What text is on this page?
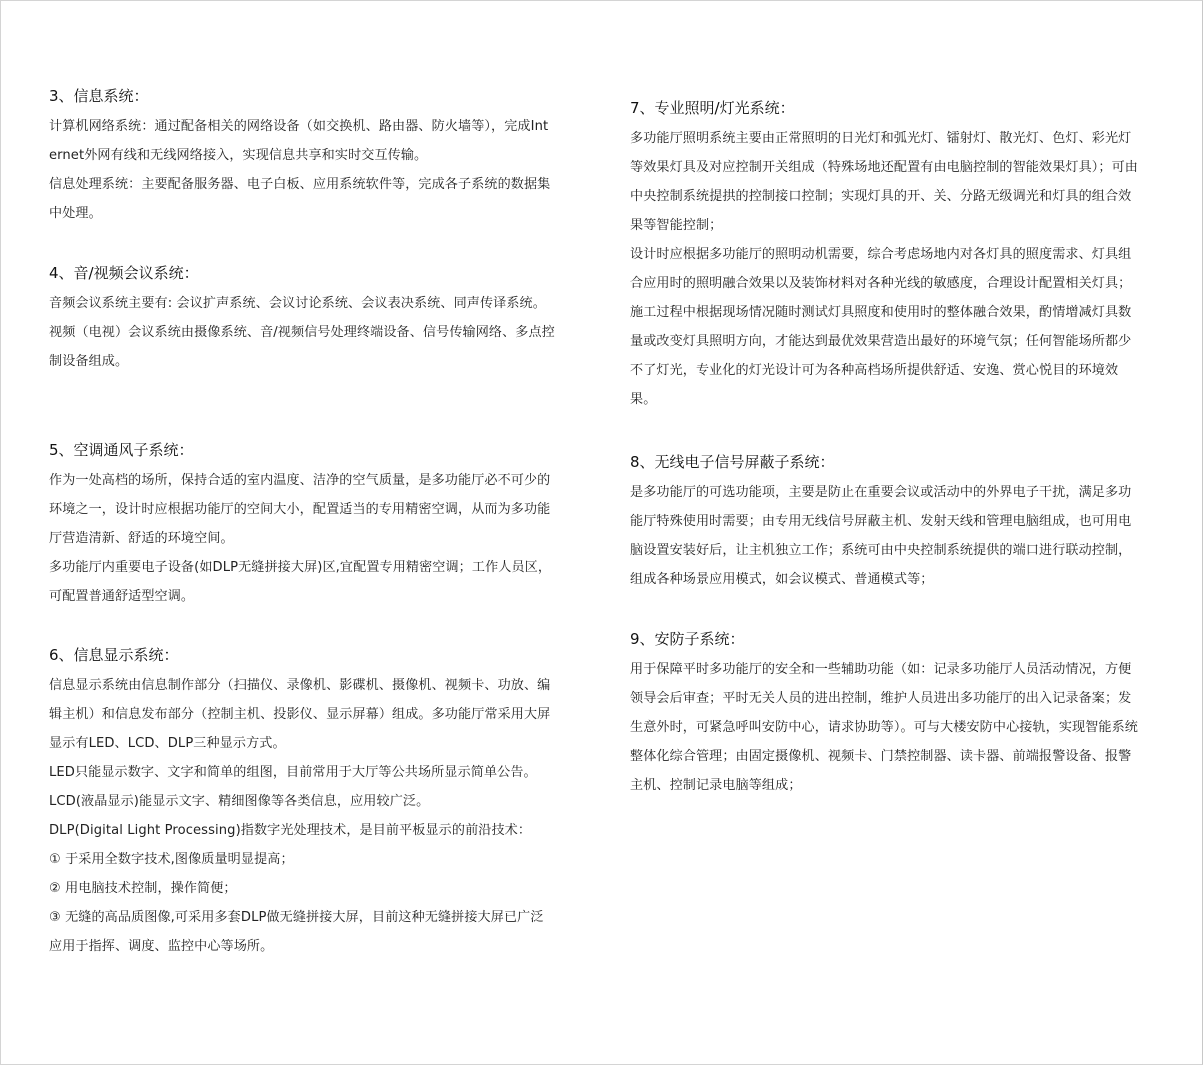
3、信息系统：

计算机网络系统：通过配备相关的网络设备（如交换机、路由器、防火墙等），完成Internet外网有线和无线网络接入，实现信息共享和实时交互传输。

信息处理系统：主要配备服务器、电子白板、应用系统软件等，完成各子系统的数据集中处理。

4、音/视频会议系统：

音频会议系统主要有: 会议扩声系统、会议讨论系统、会议表决系统、同声传译系统。

视频（电视）会议系统由摄像系统、音/视频信号处理终端设备、信号传输网络、多点控制设备组成。

5、空调通风子系统：

作为一处高档的场所，保持合适的室内温度、洁净的空气质量，是多功能厅必不可少的环境之一，设计时应根据功能厅的空间大小，配置适当的专用精密空调，从而为多功能厅营造清新、舒适的环境空间。

多功能厅内重要电子设备(如DLP无缝拼接大屏)区,宜配置专用精密空调；工作人员区，可配置普通舒适型空调。

6、信息显示系统：

信息显示系统由信息制作部分（扫描仪、录像机、影碟机、摄像机、视频卡、功放、编辑主机）和信息发布部分（控制主机、投影仪、显示屏幕）组成。多功能厅常采用大屏显示有LED、LCD、DLP三种显示方式。

LED只能显示数字、文字和简单的组图，目前常用于大厅等公共场所显示简单公告。

LCD(液晶显示)能显示文字、精细图像等各类信息，应用较广泛。

DLP(Digital Light Processing)指数字光处理技术，是目前平板显示的前沿技术：

① 于采用全数字技术,图像质量明显提高；

② 用电脑技术控制，操作简便；

③ 无缝的高品质图像,可采用多套DLP做无缝拼接大屏，目前这种无缝拼接大屏已广泛应用于指挥、调度、监控中心等场所。

7、专业照明/灯光系统：

多功能厅照明系统主要由正常照明的日光灯和弧光灯、镭射灯、散光灯、色灯、彩光灯等效果灯具及对应控制开关组成（特殊场地还配置有由电脑控制的智能效果灯具）；可由中央控制系统提拱的控制接口控制；实现灯具的开、关、分路无级调光和灯具的组合效果等智能控制；

设计时应根据多功能厅的照明动机需要，综合考虑场地内对各灯具的照度需求、灯具组合应用时的照明融合效果以及装饰材料对各种光线的敏感度，合理设计配置相关灯具；施工过程中根据现场情况随时测试灯具照度和使用时的整体融合效果，酌情增减灯具数量或改变灯具照明方向，才能达到最优效果营造出最好的环境气氛；任何智能场所都少不了灯光，专业化的灯光设计可为各种高档场所提供舒适、安逸、赏心悦目的环境效果。

8、无线电子信号屏蔽子系统：

是多功能厅的可选功能项，主要是防止在重要会议或活动中的外界电子干扰，满足多功能厅特殊使用时需要；由专用无线信号屏蔽主机、发射天线和管理电脑组成，也可用电脑设置安装好后，让主机独立工作；系统可由中央控制系统提供的端口进行联动控制，组成各种场景应用模式，如会议模式、普通模式等；

9、安防子系统：

用于保障平时多功能厅的安全和一些辅助功能（如：记录多功能厅人员活动情况，方便领导会后审查；平时无关人员的进出控制，维护人员进出多功能厅的出入记录备案；发生意外时，可紧急呼叫安防中心，请求协助等）。可与大楼安防中心接轨，实现智能系统整体化综合管理；由固定摄像机、视频卡、门禁控制器、读卡器、前端报警设备、报警主机、控制记录电脑等组成；
